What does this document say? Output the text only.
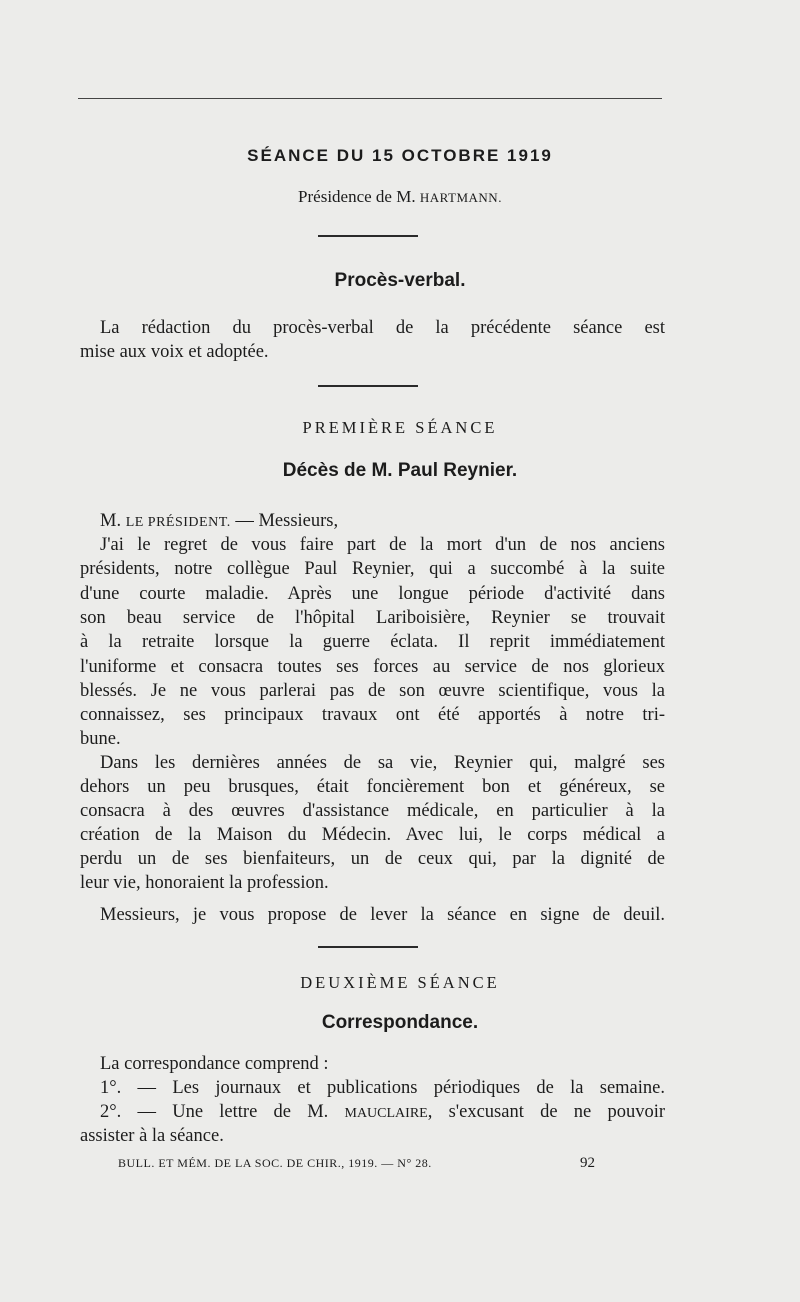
SÉANCE DU 15 OCTOBRE 1919
Présidence de M. HARTMANN.
Procès-verbal.
La rédaction du procès-verbal de la précédente séance est
mise aux voix et adoptée.
PREMIÈRE SÉANCE
Décès de M. Paul Reynier.
M. LE PRÉSIDENT. — Messieurs,
J'ai le regret de vous faire part de la mort d'un de nos anciens
présidents, notre collègue Paul Reynier, qui a succombé à la suite
d'une courte maladie. Après une longue période d'activité dans
son beau service de l'hôpital Lariboisière, Reynier se trouvait
à la retraite lorsque la guerre éclata. Il reprit immédiatement
l'uniforme et consacra toutes ses forces au service de nos glorieux
blessés. Je ne vous parlerai pas de son œuvre scientifique, vous la
connaissez, ses principaux travaux ont été apportés à notre tri-
bune.
Dans les dernières années de sa vie, Reynier qui, malgré ses
dehors un peu brusques, était foncièrement bon et généreux, se
consacra à des œuvres d'assistance médicale, en particulier à la
création de la Maison du Médecin. Avec lui, le corps médical a
perdu un de ses bienfaiteurs, un de ceux qui, par la dignité de
leur vie, honoraient la profession.
Messieurs, je vous propose de lever la séance en signe de deuil.
DEUXIÈME SÉANCE
Correspondance.
La correspondance comprend :
1°. — Les journaux et publications périodiques de la semaine.
2°. — Une lettre de M. MAUCLAIRE, s'excusant de ne pouvoir
assister à la séance.
BULL. ET MÉM. DE LA SOC. DE CHIR., 1919. — N° 28.	92
